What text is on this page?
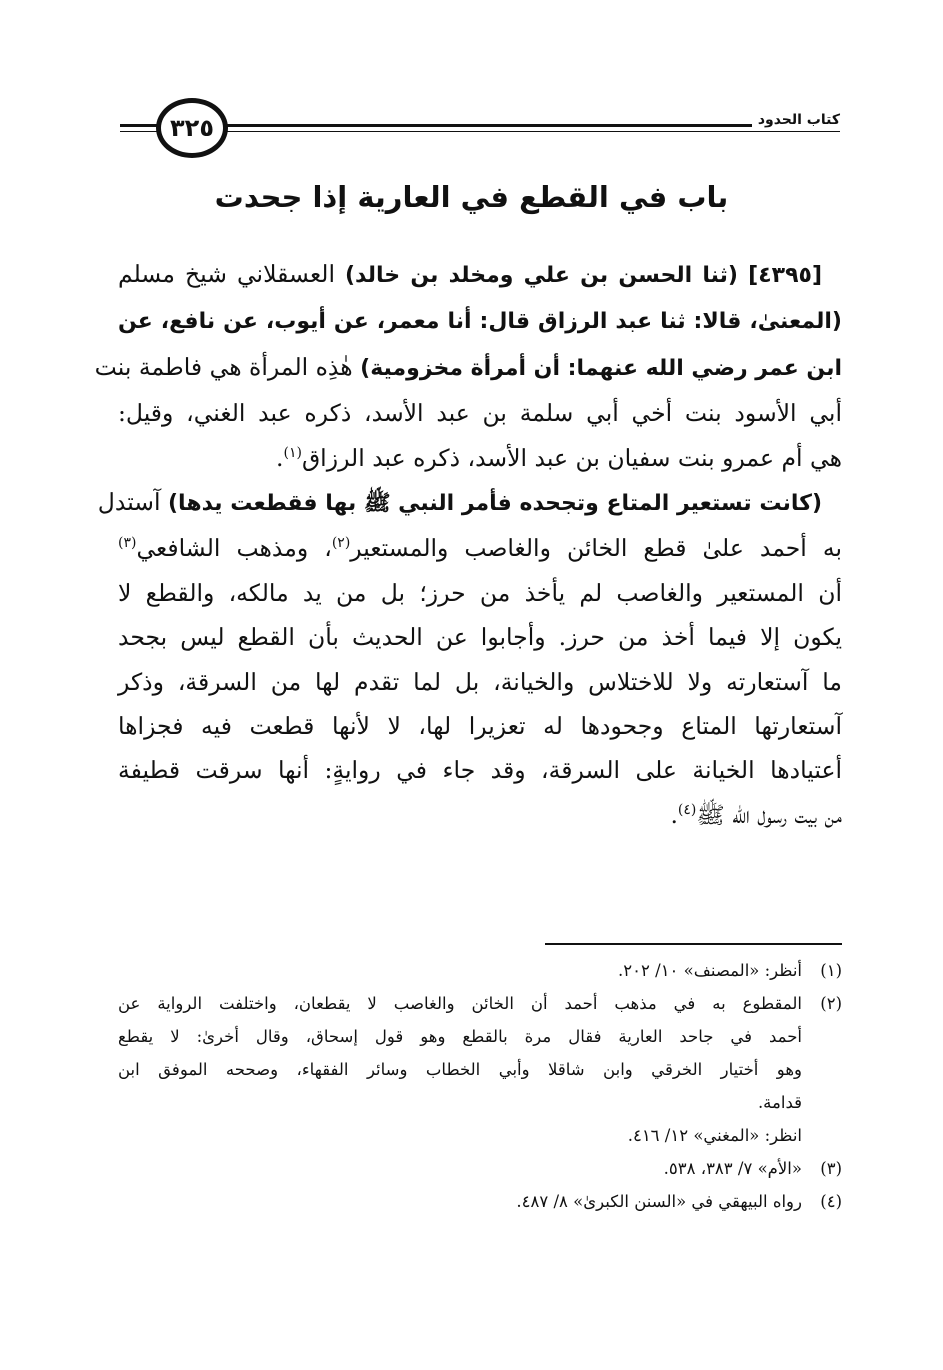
٣٢٥	كتاب الحدود
باب في القطع في العارية إذا جحدت
[٤٣٩٥] (ثنا الحسن بن علي ومخلد بن خالد) العسقلاني شيخ مسلم
(المعنىٰ، قالا: ثنا عبد الرزاق قال: أنا معمر، عن أيوب، عن نافع، عن
ابن عمر رضي الله عنهما: أن أمرأة مخزومية) هٰذِه المرأة هي فاطمة بنت
أبي الأسود بنت أخي أبي سلمة بن عبد الأسد، ذكره عبد الغني، وقيل:
هي أم عمرو بنت سفيان بن عبد الأسد، ذكره عبد الرزاق$^{(١)}$.
(كانت تستعير المتاع وتجحده فأمر النبي ﷺ بها فقطعت يدها) آستدل
به أحمد علىٰ قطع الخائن والغاصب والمستعير$^{(٢)}$، ومذهب الشافعي$^{(٣)}$
أن المستعير والغاصب لم يأخذ من حرز؛ بل من يد مالكه، والقطع لا
يكون إلا فيما أخذ من حرز. وأجابوا عن الحديث بأن القطع ليس بجحد
ما آستعارته ولا للاختلاس والخيانة، بل لما تقدم لها من السرقة، وذكر
آستعارتها المتاع وجحودها له تعزيرا لها، لا لأنها قطعت فيه فجزاها
أعتيادها الخيانة على السرقة، وقد جاء في روايةٍ: أنها سرقت قطيفة
من بيت رسول الله ﷺ$^{(٤)}$.
(١)
أنظر: «المصنف» ١٠/ ٢٠٢.
(٢)
المقطوع به في مذهب أحمد أن الخائن والغاصب لا يقطعان، واختلفت الرواية عن
أحمد في جاحد العارية فقال مرة بالقطع وهو قول إسحاق، وقال أخرىٰ: لا يقطع
وهو أختيار الخرقي وابن شاقلا وأبي الخطاب وسائر الفقهاء، وصححه الموفق ابن
قدامة.
انظر: «المغني» ١٢/ ٤١٦.
(٣)
«الأم» ٧/ ٣٨٣، ٥٣٨.
(٤)
رواه البيهقي في «السنن الكبرىٰ» ٨/ ٤٨٧.
